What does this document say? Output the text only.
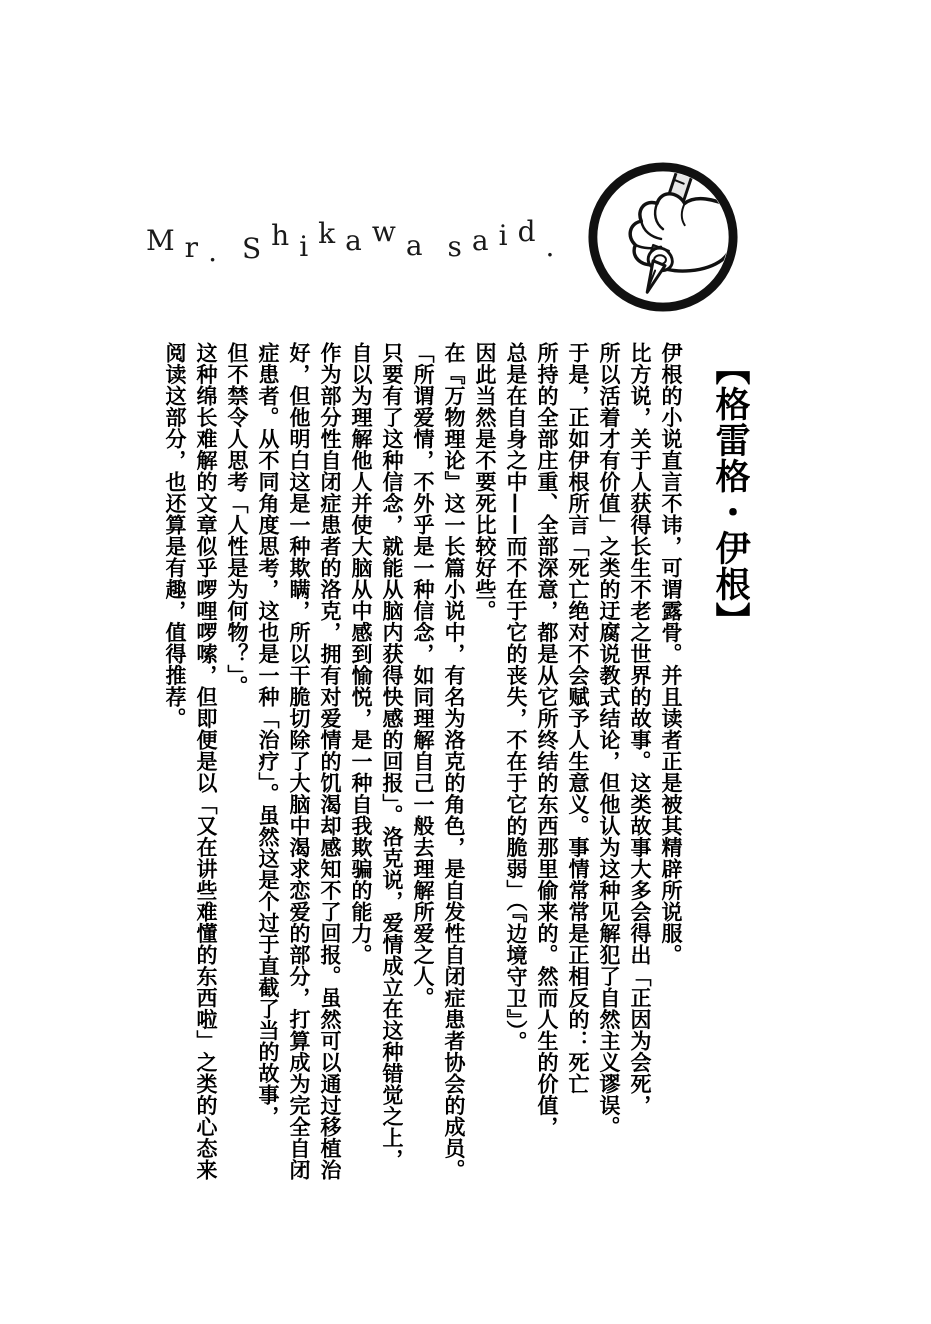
M r . S h i k a w a s a i d .
【格雷格・伊根】
伊根的小说直言不讳，可谓露骨。并且读者正是被其精辟所说服。
比方说，关于人获得长生不老之世界的故事。这类故事大多会得出「正因为会死，
所以活着才有价值」之类的迂腐说教式结论，但他认为这种见解犯了自然主义谬误。
于是，正如伊根所言「死亡绝对不会赋予人生意义。事情常常是正相反的：死亡
所持的全部庄重、全部深意，都是从它所终结的东西那里偷来的。然而人生的价值，
总是在自身之中——而不在于它的丧失，不在于它的脆弱」（『边境守卫』）。
因此当然是不要死比较好些。
在『万物理论』这一长篇小说中，有名为洛克的角色，是自发性自闭症患者协会的成员。
「所谓爱情，不外乎是一种信念，如同理解自己一般去理解所爱之人。
只要有了这种信念，就能从脑内获得快感的回报」。洛克说，爱情成立在这种错觉之上，
自以为理解他人并使大脑从中感到愉悦，是一种自我欺骗的能力。
作为部分性自闭症患者的洛克，拥有对爱情的饥渴却感知不了回报。虽然可以通过移植治
好，但他明白这是一种欺瞒，所以干脆切除了大脑中渴求恋爱的部分，打算成为完全自闭
症患者。从不同角度思考，这也是一种「治疗」。虽然这是个过于直截了当的故事，
但不禁令人思考「人性是为何物？」。
这种绵长难解的文章似乎啰哩啰嗦，但即便是以「又在讲些难懂的东西啦」之类的心态来
阅读这部分，也还算是有趣，值得推荐。
